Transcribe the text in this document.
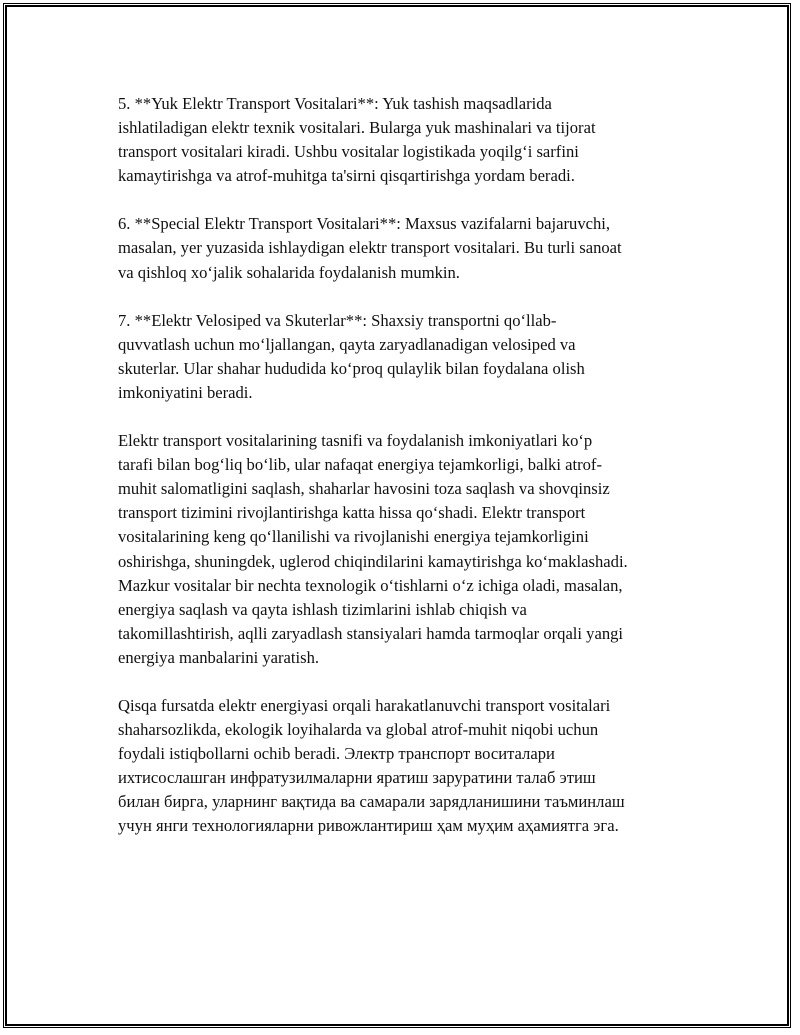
5. **Yuk Elektr Transport Vositalari**: Yuk tashish maqsadlarida
ishlatiladigan elektr texnik vositalari. Bularga yuk mashinalari va tijorat
transport vositalari kiradi. Ushbu vositalar logistikada yoqilg‘i sarfini
kamaytirishga va atrof-muhitga ta'sirni qisqartirishga yordam beradi.

6. **Special Elektr Transport Vositalari**: Maxsus vazifalarni bajaruvchi,
masalan, yer yuzasida ishlaydigan elektr transport vositalari. Bu turli sanoat
va qishloq xo‘jalik sohalarida foydalanish mumkin.

7. **Elektr Velosiped va Skuterlar**: Shaxsiy transportni qo‘llab-
quvvatlash uchun mo‘ljallangan, qayta zaryadlanadigan velosiped va
skuterlar. Ular shahar hududida ko‘proq qulaylik bilan foydalana olish
imkoniyatini beradi.

Elektr transport vositalarining tasnifi va foydalanish imkoniyatlari ko‘p
tarafi bilan bog‘liq bo‘lib, ular nafaqat energiya tejamkorligi, balki atrof-
muhit salomatligini saqlash, shaharlar havosini toza saqlash va shovqinsiz
transport tizimini rivojlantirishga katta hissa qo‘shadi. Elektr transport
vositalarining keng qo‘llanilishi va rivojlanishi energiya tejamkorligini
oshirishga, shuningdek, uglerod chiqindilarini kamaytirishga ko‘maklashadi.
Mazkur vositalar bir nechta texnologik o‘tishlarni o‘z ichiga oladi, masalan,
energiya saqlash va qayta ishlash tizimlarini ishlab chiqish va
takomillashtirish, aqlli zaryadlash stansiyalari hamda tarmoqlar orqali yangi
energiya manbalarini yaratish.

Qisqa fursatda elektr energiyasi orqali harakatlanuvchi transport vositalari
shaharsozlikda, ekologik loyihalarda va global atrof-muhit niqobi uchun
foydali istiqbollarni ochib beradi. Электр транспорт воситалари
ихтисослашган инфратузилмаларни яратиш зарурaтини талаб этиш
билан бирга, уларнинг вақтида ва самарали зарядланишини таъминлаш
учун янги технологияларни ривожлантириш ҳам муҳим аҳамиятга эга.
